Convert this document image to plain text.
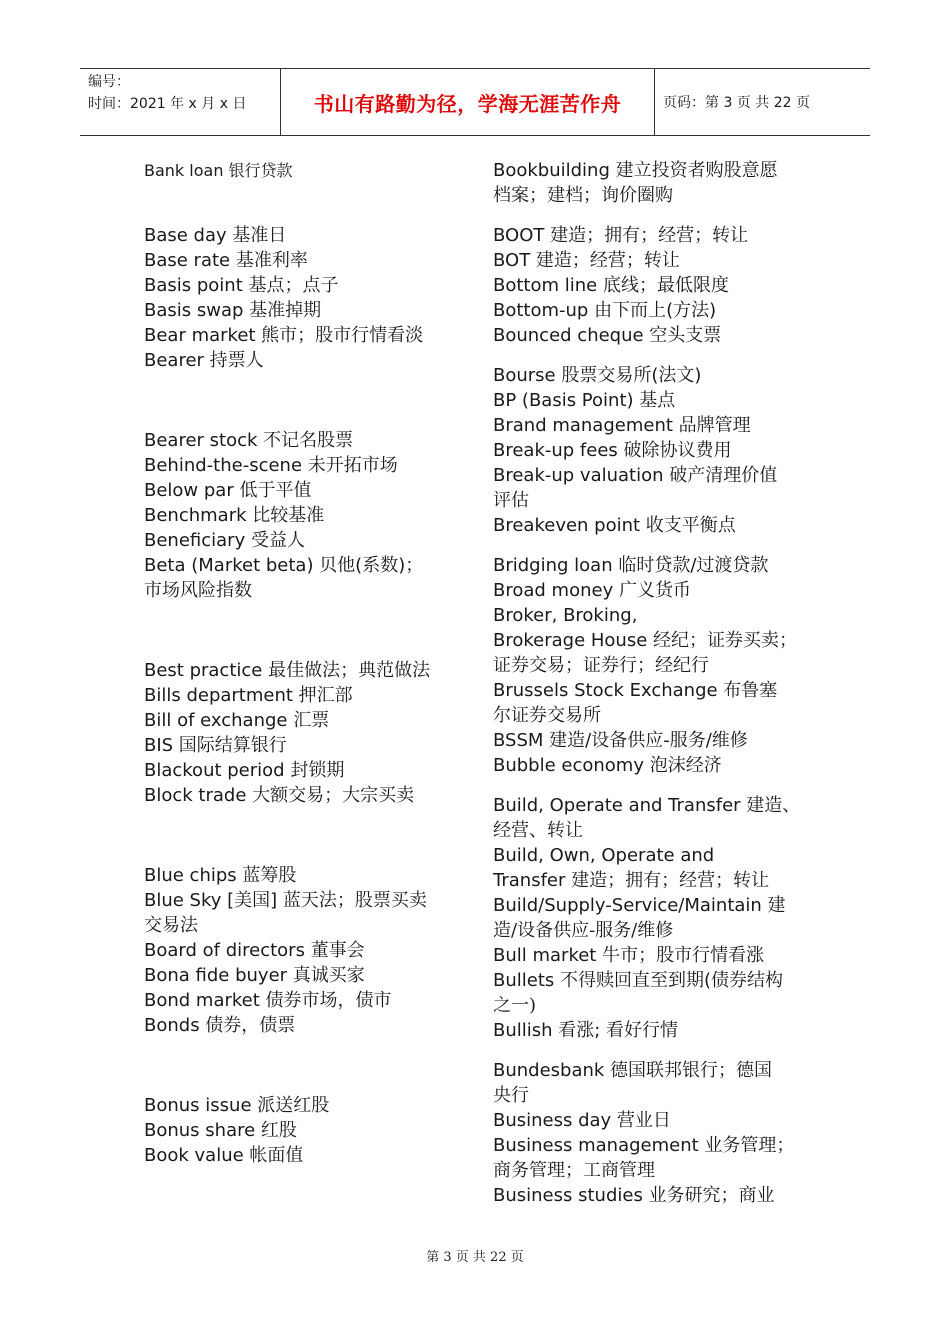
编号：
时间：2021 年 x 月 x 日	书山有路勤为径，学海无涯苦作舟	页码：第 3 页 共 22 页
Bank loan 银行贷款
Base day 基准日
Base rate 基准利率
Basis point 基点；点子
Basis swap 基准掉期
Bear market 熊市；股市行情看淡
Bearer 持票人
Bearer stock 不记名股票
Behind-the-scene 未开拓市场
Below par 低于平值
Benchmark 比较基准
Beneficiary 受益人
Beta (Market beta) 贝他(系数)；
市场风险指数
Best practice 最佳做法；典范做法
Bills department 押汇部
Bill of exchange 汇票
BIS 国际结算银行
Blackout period 封锁期
Block trade 大额交易；大宗买卖
Blue chips 蓝筹股
Blue Sky [美国] 蓝天法；股票买卖
交易法
Board of directors 董事会
Bona fide buyer 真诚买家
Bond market 债券市场，债市
Bonds 债券，债票
Bonus issue 派送红股
Bonus share 红股
Book value 帐面值
Bookbuilding 建立投资者购股意愿
档案；建档；询价圈购
BOOT 建造；拥有；经营；转让
BOT 建造；经营；转让
Bottom line 底线；最低限度
Bottom-up 由下而上(方法)
Bounced cheque 空头支票
Bourse 股票交易所(法文)
BP (Basis Point) 基点
Brand management 品牌管理
Break-up fees 破除协议费用
Break-up valuation 破产清理价值
评估
Breakeven point 收支平衡点
Bridging loan 临时贷款/过渡贷款
Broad money 广义货币
Broker, Broking,
Brokerage House 经纪；证券买卖；
证券交易；证券行；经纪行
Brussels Stock Exchange 布鲁塞
尔证券交易所
BSSM 建造/设备供应-服务/维修
Bubble economy 泡沫经济
Build, Operate and Transfer 建造、
经营、转让
Build, Own, Operate and
Transfer 建造；拥有；经营；转让
Build/Supply-Service/Maintain 建
造/设备供应-服务/维修
Bull market 牛市；股市行情看涨
Bullets 不得赎回直至到期(债券结构
之一)
Bullish 看涨; 看好行情
Bundesbank 德国联邦银行；德国
央行
Business day 营业日
Business management 业务管理；
商务管理；工商管理
Business studies 业务研究；商业
第 3 页 共 22 页
